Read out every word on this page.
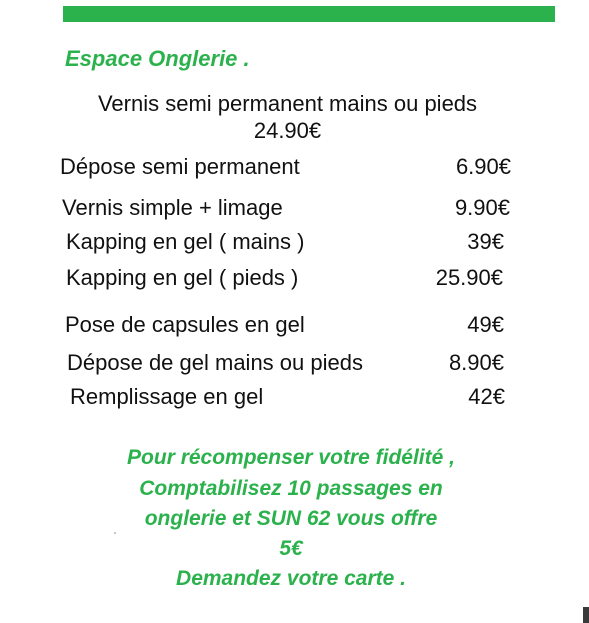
Espace Onglerie .
Vernis semi permanent mains ou pieds
24.90€
Dépose semi permanent	6.90€
Vernis simple + limage	9.90€
Kapping en gel ( mains )	39€
Kapping en gel ( pieds )	25.90€
Pose de capsules en gel	49€
Dépose de gel mains ou pieds	8.90€
Remplissage en gel	42€
Pour récompenser votre fidélité ,
Comptabilisez 10 passages en
onglerie et SUN 62 vous offre
5€
Demandez votre carte .
